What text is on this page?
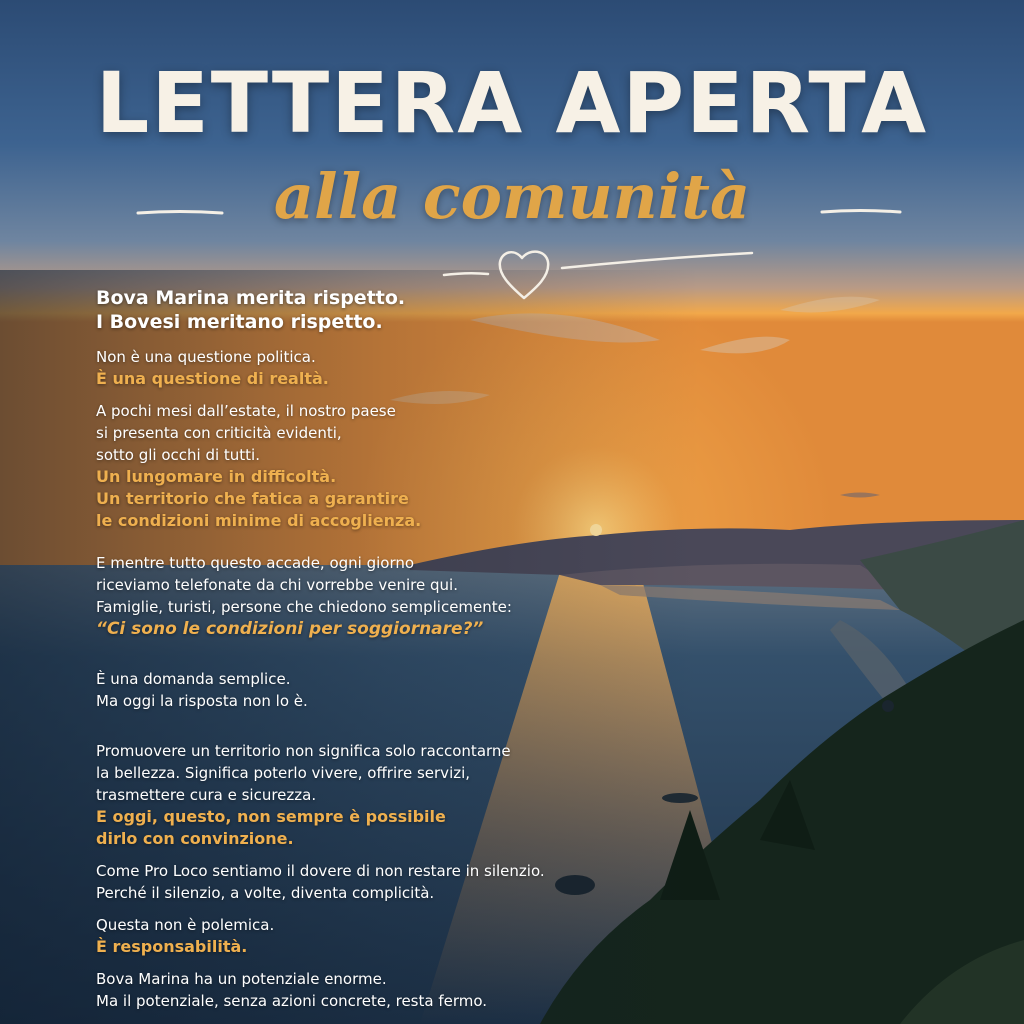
LETTERA APERTA
alla comunità
Bova Marina merita rispetto.
I Bovesi meritano rispetto.

Non è una questione politica.
È una questione di realtà.

A pochi mesi dall’estate, il nostro paese
si presenta con criticità evidenti,
sotto gli occhi di tutti.
Un lungomare in difficoltà.
Un territorio che fatica a garantire
le condizioni minime di accoglienza.

E mentre tutto questo accade, ogni giorno
riceviamo telefonate da chi vorrebbe venire qui.
Famiglie, turisti, persone che chiedono semplicemente:
“Ci sono le condizioni per soggiornare?”

È una domanda semplice.
Ma oggi la risposta non lo è.

Promuovere un territorio non significa solo raccontarne
la bellezza. Significa poterlo vivere, offrire servizi,
trasmettere cura e sicurezza.
E oggi, questo, non sempre è possibile
dirlo con convinzione.

Come Pro Loco sentiamo il dovere di non restare in silenzio.
Perché il silenzio, a volte, diventa complicità.

Questa non è polemica.
È responsabilità.

Bova Marina ha un potenziale enorme.
Ma il potenziale, senza azioni concrete, resta fermo.
